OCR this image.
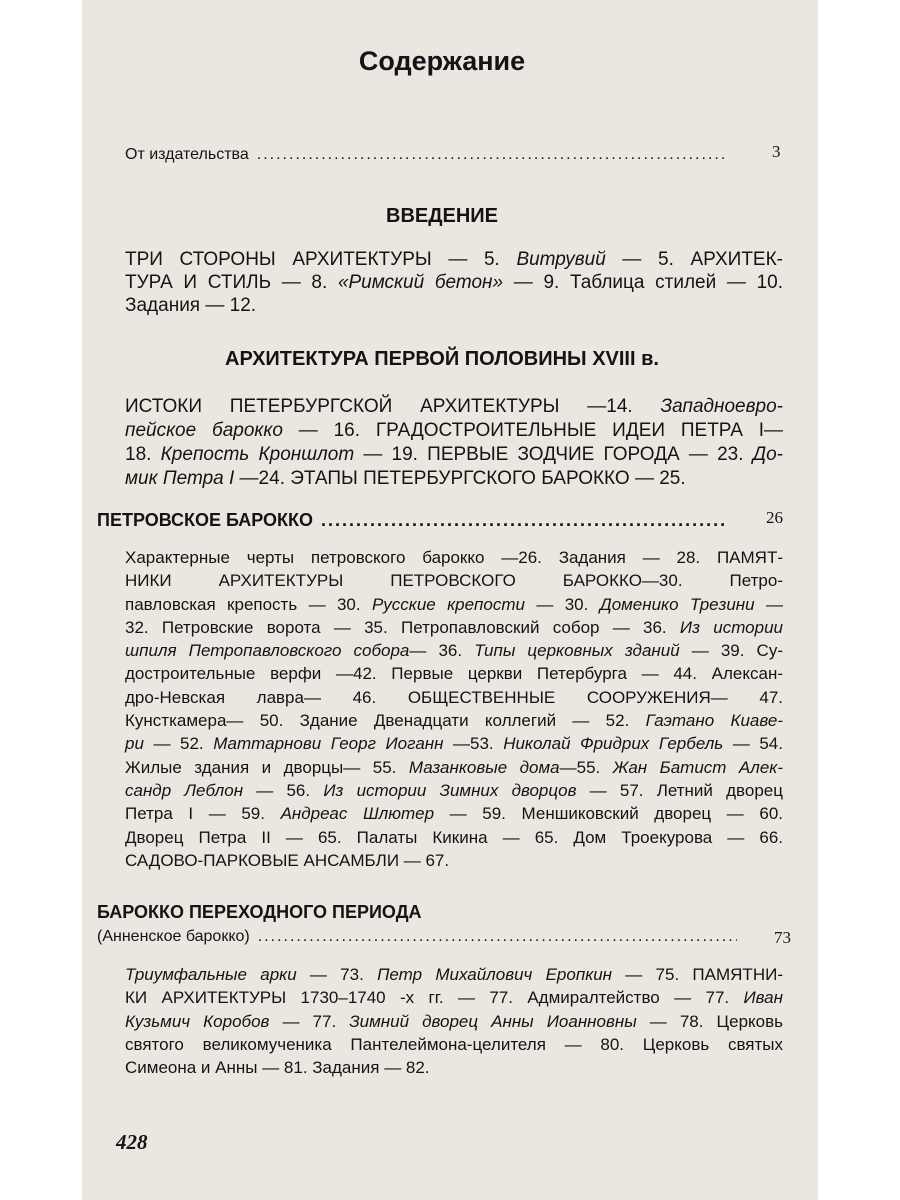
Содержание
От издательства .....	3
ВВЕДЕНИЕ
ТРИ СТОРОНЫ АРХИТЕКТУРЫ — 5. Витрувий — 5. АРХИТЕК-
ТУРА И СТИЛЬ — 8. «Римский бетон» — 9. Таблица стилей — 10.
Задания — 12.
АРХИТЕКТУРА ПЕРВОЙ ПОЛОВИНЫ XVIII в.
ИСТОКИ ПЕТЕРБУРГСКОЙ АРХИТЕКТУРЫ —14. Западноевро-
пейское барокко — 16. ГРАДОСТРОИТЕЛЬНЫЕ ИДЕИ ПЕТРА I—
18. Крепость Кроншлот — 19. ПЕРВЫЕ ЗОДЧИЕ ГОРОДА — 23. До-
мик Петра I —24. ЭТАПЫ ПЕТЕРБУРГСКОГО БАРОККО — 25.
ПЕТРОВСКОЕ БАРОККО .....	26
Характерные черты петровского барокко —26. Задания — 28. ПАМЯТ-
НИКИ АРХИТЕКТУРЫ ПЕТРОВСКОГО БАРОККО—30. Петро-
павловская крепость — 30. Русские крепости — 30. Доменико Трезини —
32. Петровские ворота — 35. Петропавловский собор — 36. Из истории
шпиля Петропавловского собора— 36. Типы церковных зданий — 39. Су-
достроительные верфи —42. Первые церкви Петербурга — 44. Алексан-
дро-Невская лавра— 46. ОБЩЕСТВЕННЫЕ СООРУЖЕНИЯ— 47.
Кунсткамера— 50. Здание Двенадцати коллегий — 52. Гаэтано Киаве-
ри — 52. Маттарнови Георг Иоганн —53. Николай Фридрих Гербель — 54.
Жилые здания и дворцы— 55. Мазанковые дома—55. Жан Батист Алек-
сандр Леблон — 56. Из истории Зимних дворцов — 57. Летний дворец
Петра I — 59. Андреас Шлютер — 59. Меншиковский дворец — 60.
Дворец Петра II — 65. Палаты Кикина — 65. Дом Троекурова — 66.
САДОВО-ПАРКОВЫЕ АНСАМБЛИ — 67.
БАРОККО ПЕРЕХОДНОГО ПЕРИОДА
(Анненское барокко) .....	73
Триумфальные арки — 73. Петр Михайлович Еропкин — 75. ПАМЯТНИ-
КИ АРХИТЕКТУРЫ 1730–1740 -х гг. — 77. Адмиралтейство — 77. Иван
Кузьмич Коробов — 77. Зимний дворец Анны Иоанновны — 78. Церковь
святого великомученика Пантелеймона-целителя — 80. Церковь святых
Симеона и Анны — 81. Задания — 82.
428
